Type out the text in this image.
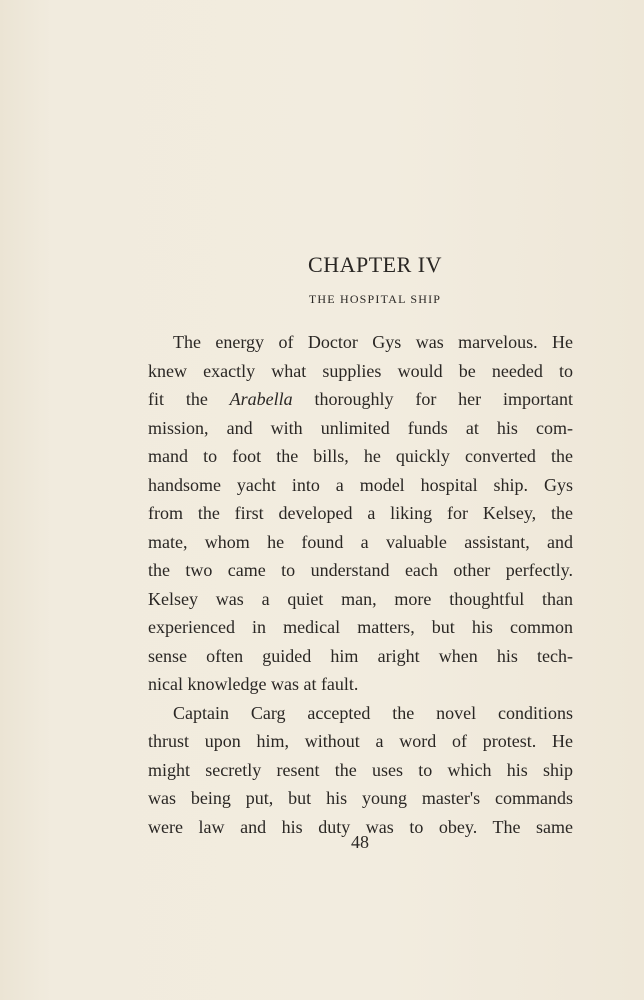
CHAPTER IV
THE HOSPITAL SHIP
The energy of Doctor Gys was marvelous. He
knew exactly what supplies would be needed to
fit the Arabella thoroughly for her important
mission, and with unlimited funds at his com-
mand to foot the bills, he quickly converted the
handsome yacht into a model hospital ship. Gys
from the first developed a liking for Kelsey, the
mate, whom he found a valuable assistant, and
the two came to understand each other perfectly.
Kelsey was a quiet man, more thoughtful than
experienced in medical matters, but his common
sense often guided him aright when his tech-
nical knowledge was at fault.
Captain Carg accepted the novel conditions
thrust upon him, without a word of protest. He
might secretly resent the uses to which his ship
was being put, but his young master's commands
were law and his duty was to obey. The same
48
